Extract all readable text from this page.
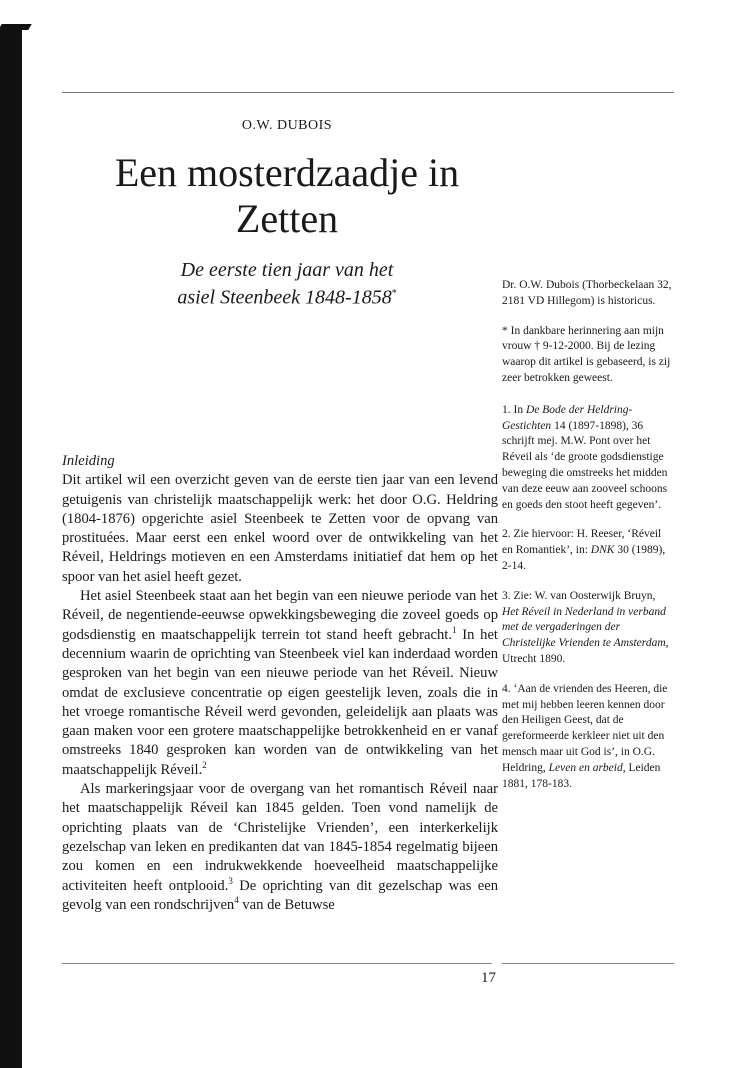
O.W. DUBOIS
Een mosterdzaadje in Zetten
De eerste tien jaar van het
asiel Steenbeek 1848-1858*

Inleiding

Dit artikel wil een overzicht geven van de eerste tien jaar van een levend getuigenis van christelijk maatschappelijk werk: het door O.G. Heldring (1804-1876) opgerichte asiel Steenbeek te Zetten voor de opvang van prostituées. Maar eerst een enkel woord over de ontwikkeling van het Réveil, Heldrings motieven en een Amsterdams initiatief dat hem op het spoor van het asiel heeft gezet.

Het asiel Steenbeek staat aan het begin van een nieuwe periode van het Réveil, de negentiende-eeuwse opwekkingsbeweging die zoveel goeds op godsdienstig en maatschappelijk terrein tot stand heeft gebracht.$^1$ In het decennium waarin de oprichting van Steenbeek viel kan inderdaad worden gesproken van het begin van een nieuwe periode van het Réveil. Nieuw omdat de exclusieve concentratie op eigen geestelijk leven, zoals die in het vroege romantische Réveil werd gevonden, geleidelijk aan plaats was gaan maken voor een grotere maatschappelijke betrokkenheid en er vanaf omstreeks 1840 gesproken kan worden van de ontwikkeling van het maatschappelijk Réveil.$^2$

Als markeringsjaar voor de overgang van het romantisch Réveil naar het maatschappelijk Réveil kan 1845 gelden. Toen vond namelijk de oprichting plaats van de ‘Christelijke Vrienden’, een interkerkelijk gezelschap van leken en predikanten dat van 1845-1854 regelmatig bijeen zou komen en een indrukwekkende hoeveelheid maatschappelijke activiteiten heeft ontplooid.$^3$ De oprichting van dit gezelschap was een gevolg van een rondschrijven$^4$ van de Betuwse

Dr. O.W. Dubois (Thorbeckelaan 32, 2181 VD Hillegom) is historicus.

* In dankbare herinnering aan mijn vrouw † 9-12-2000. Bij de lezing waarop dit artikel is gebaseerd, is zij zeer betrokken geweest.

1. In De Bode der Heldring-Gestichten 14 (1897-1898), 36 schrijft mej. M.W. Pont over het Réveil als ‘de groote godsdienstige beweging die omstreeks het midden van deze eeuw aan zooveel schoons en goeds den stoot heeft gegeven’.

2. Zie hiervoor: H. Reeser, ‘Réveil en Romantiek’, in: DNK 30 (1989), 2-14.

3. Zie: W. van Oosterwijk Bruyn, Het Réveil in Nederland in verband met de vergaderingen der Christelijke Vrienden te Amsterdam, Utrecht 1890.

4. ‘Aan de vrienden des Heeren, die met mij hebben leeren kennen door den Heiligen Geest, dat de gereformeerde kerkleer niet uit den mensch maar uit God is’, in O.G. Heldring, Leven en arbeid, Leiden 1881, 178-183.

17
